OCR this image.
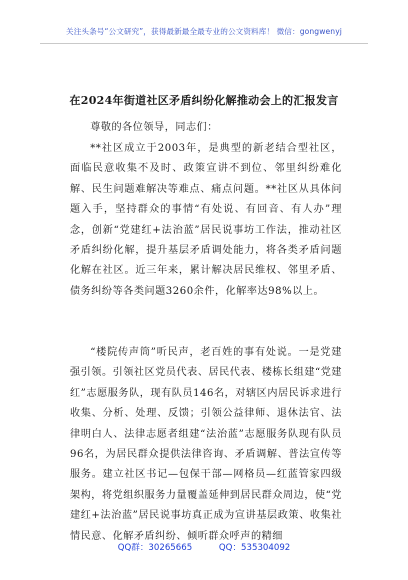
关注头条号“公文研究”，获得最新最全最专业的公文资料库！ 微信：gongwenyj
在2024年街道社区矛盾纠纷化解推动会上的汇报发言
尊敬的各位领导，同志们：
**社区成立于2003年，是典型的新老结合型社区，面临民意收集不及时、政策宣讲不到位、邻里纠纷难化解、民生问题难解决等难点、痛点问题。**社区从具体问题入手，坚持群众的事情“有处说、有回音、有人办”理念，创新“党建红+法治蓝”居民说事坊工作法，推动社区矛盾纠纷化解，提升基层矛盾调处能力，将各类矛盾问题化解在社区。近三年来，累计解决居民维权、邻里矛盾、债务纠纷等各类问题3260余件，化解率达98%以上。
“楼院传声筒”听民声，老百姓的事有处说。一是党建强引领。引领社区党员代表、居民代表、楼栋长组建“党建红”志愿服务队，现有队员146名，对辖区内居民诉求进行收集、分析、处理、反馈；引领公益律师、退休法官、法律明白人、法律志愿者组建“法治蓝”志愿服务队现有队员96名，为居民群众提供法律咨询、矛盾调解、普法宣传等服务。建立社区书记—包保干部—网格员—红蓝管家四级架构，将党组织服务力量覆盖延伸到居民群众周边，使“党建红+法治蓝”居民说事坊真正成为宣讲基层政策、收集社情民意、化解矛盾纠纷、倾听群众呼声的精细
QQ群：30265665	QQ：535304092
